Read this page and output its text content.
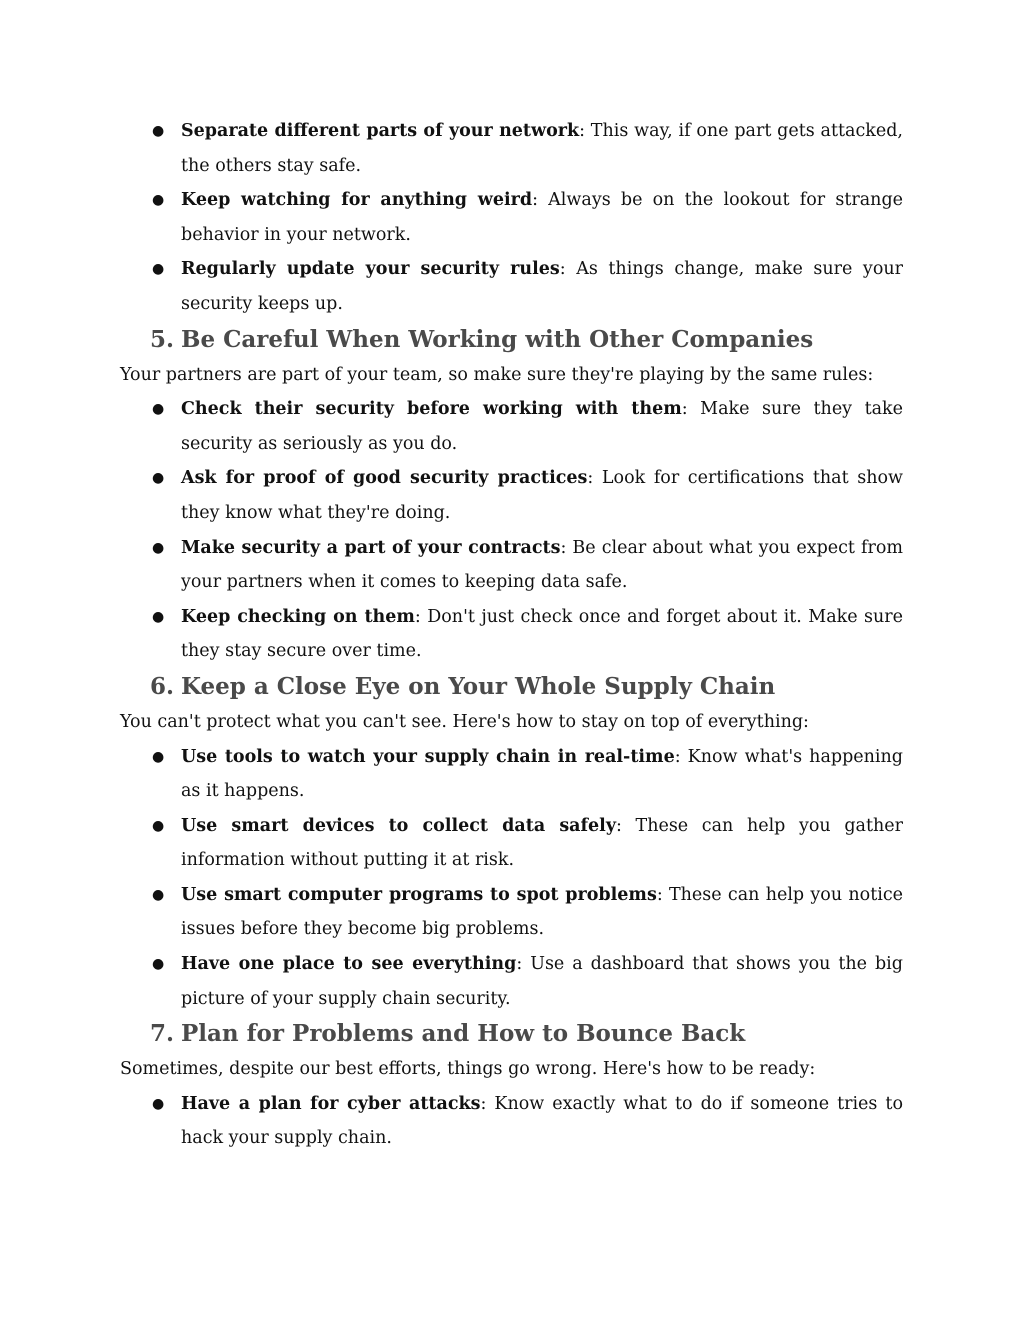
● Separate different parts of your network: This way, if one part gets attacked, the others stay safe.
● Keep watching for anything weird: Always be on the lookout for strange behavior in your network.
● Regularly update your security rules: As things change, make sure your security keeps up.
5. Be Careful When Working with Other Companies

Your partners are part of your team, so make sure they're playing by the same rules:

● Check their security before working with them: Make sure they take security as seriously as you do.
● Ask for proof of good security practices: Look for certifications that show they know what they're doing.
● Make security a part of your contracts: Be clear about what you expect from your partners when it comes to keeping data safe.
● Keep checking on them: Don't just check once and forget about it. Make sure they stay secure over time.
6. Keep a Close Eye on Your Whole Supply Chain

You can't protect what you can't see. Here's how to stay on top of everything:

● Use tools to watch your supply chain in real-time: Know what's happening as it happens.
● Use smart devices to collect data safely: These can help you gather information without putting it at risk.
● Use smart computer programs to spot problems: These can help you notice issues before they become big problems.
● Have one place to see everything: Use a dashboard that shows you the big picture of your supply chain security.
7. Plan for Problems and How to Bounce Back

Sometimes, despite our best efforts, things go wrong. Here's how to be ready:

● Have a plan for cyber attacks: Know exactly what to do if someone tries to hack your supply chain.
